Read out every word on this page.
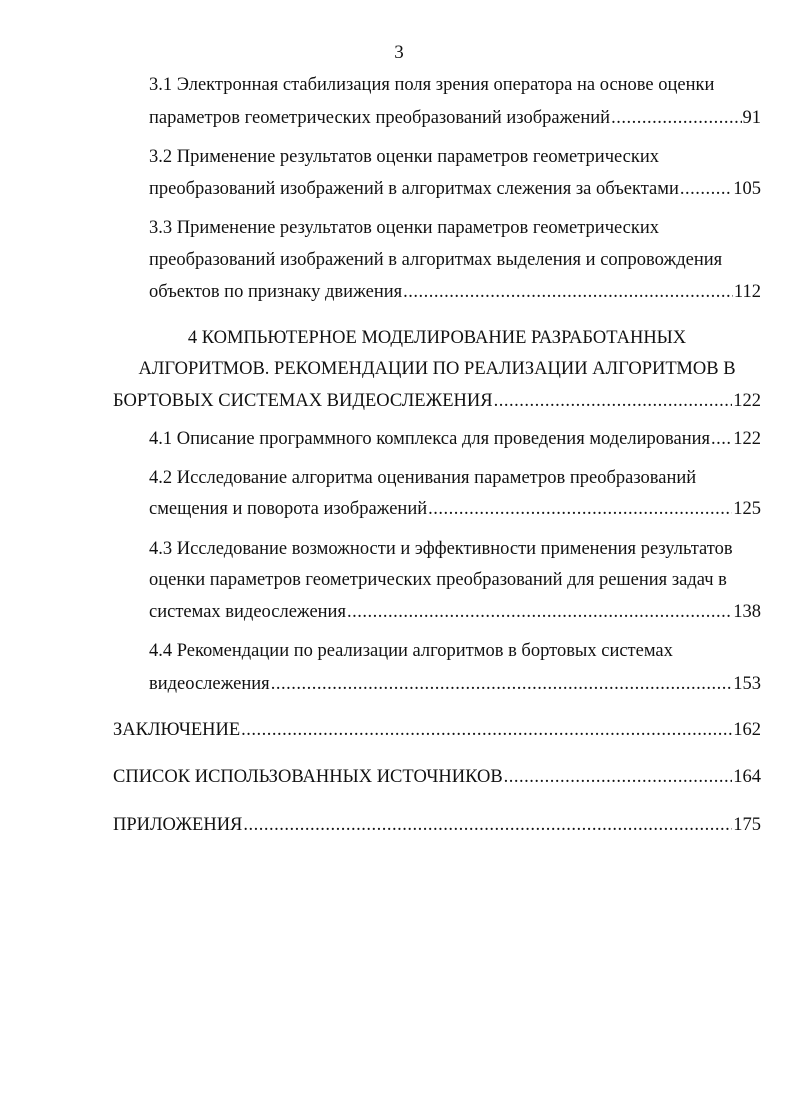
3
3.1 Электронная стабилизация поля зрения оператора на основе оценки
параметров геометрических преобразований изображений .....	91
3.2 Применение результатов оценки параметров геометрических
преобразований изображений в алгоритмах слежения за объектами .....	105
3.3 Применение результатов оценки параметров геометрических
преобразований изображений в алгоритмах выделения и сопровождения
объектов по признаку движения .....	112
4 КОМПЬЮТЕРНОЕ МОДЕЛИРОВАНИЕ РАЗРАБОТАННЫХ
АЛГОРИТМОВ. РЕКОМЕНДАЦИИ ПО РЕАЛИЗАЦИИ АЛГОРИТМОВ В
БОРТОВЫХ СИСТЕМАХ ВИДЕОСЛЕЖЕНИЯ .....	122
4.1 Описание программного комплекса для проведения моделирования ..... 122
4.2 Исследование алгоритма оценивания параметров преобразований
смещения и поворота изображений .....	125
4.3 Исследование возможности и эффективности применения результатов
оценки параметров геометрических преобразований для решения задач в
системах видеослежения .....	138
4.4 Рекомендации по реализации алгоритмов в бортовых системах
видеослежения .....	153
ЗАКЛЮЧЕНИЕ .....	162
СПИСОК ИСПОЛЬЗОВАННЫХ ИСТОЧНИКОВ .....	164
ПРИЛОЖЕНИЯ .....	175
